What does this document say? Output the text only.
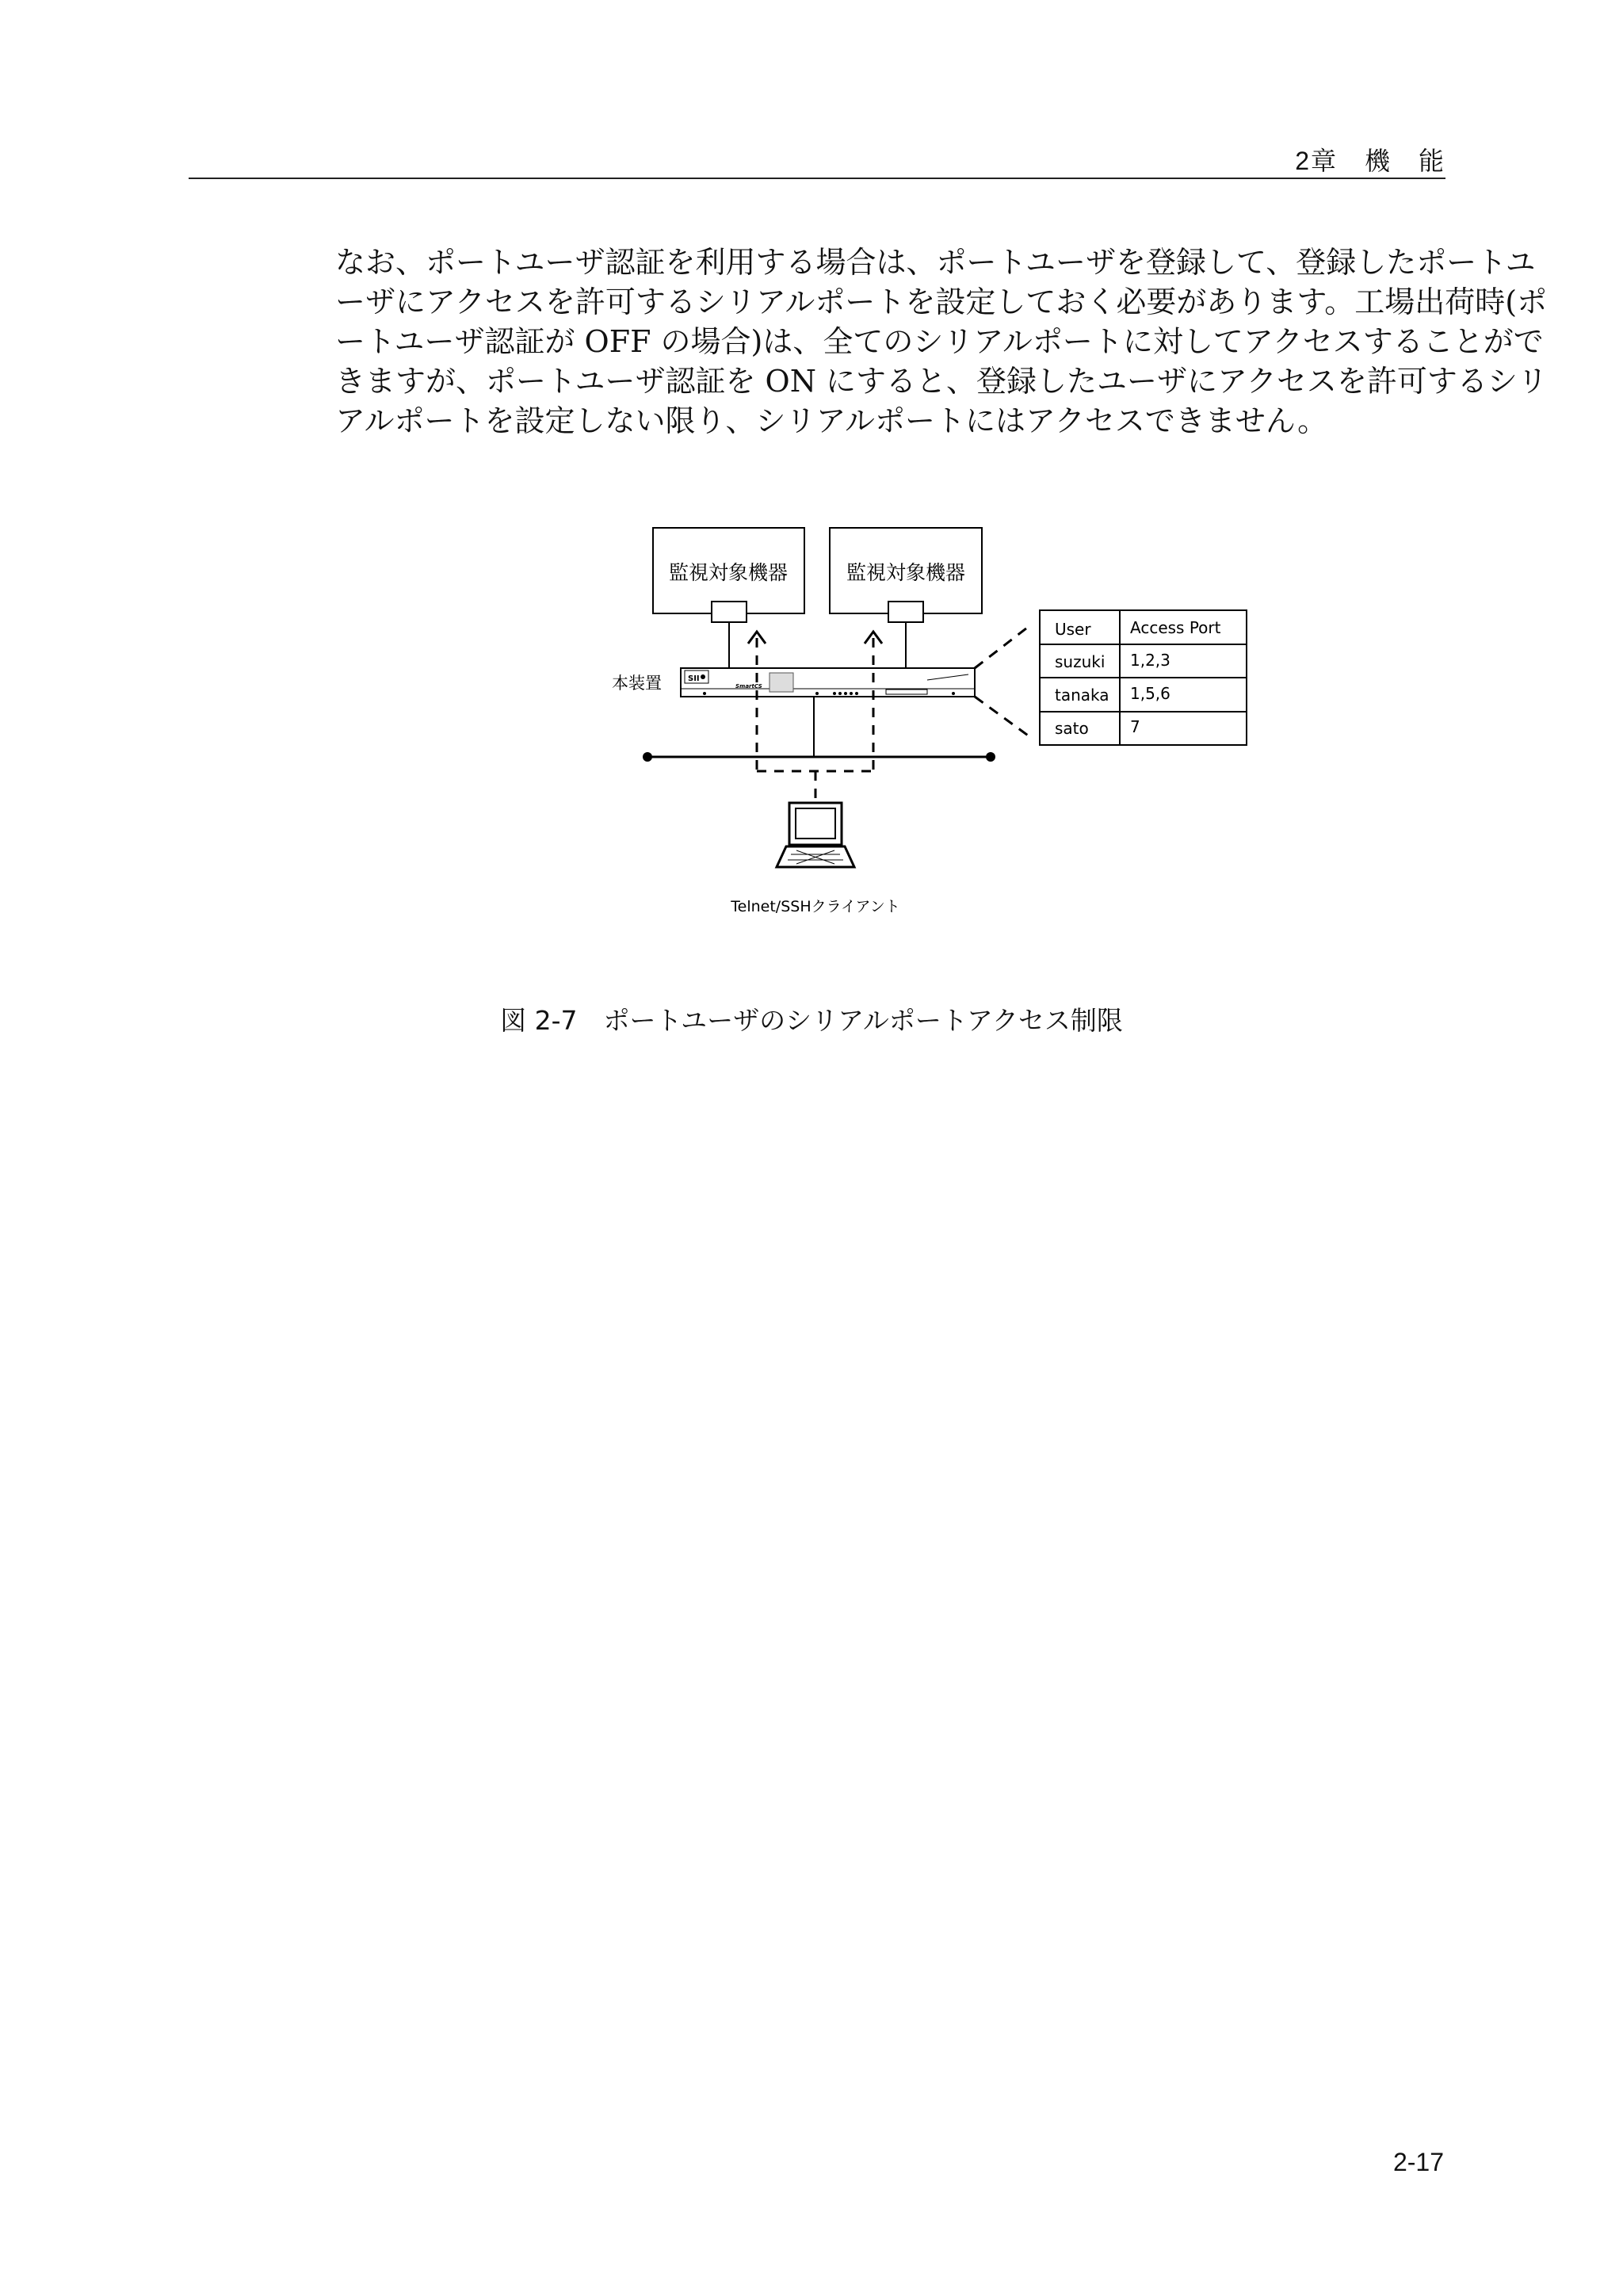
2章　機　能
なお、ポートユーザ認証を利用する場合は、ポートユーザを登録して、登録したポートユ
ーザにアクセスを許可するシリアルポートを設定しておく必要があります。工場出荷時(ポ
ートユーザ認証が OFF の場合)は、全てのシリアルポートに対してアクセスすることがで
きますが、ポートユーザ認証を ON にすると、登録したユーザにアクセスを許可するシリ
アルポートを設定しない限り、シリアルポートにはアクセスできません。
監視対象機器	監視対象機器
本装置	SII
SmartCS
Telnet/SSHクライアント
User Access Port
suzuki 1,2,3
tanaka 1,5,6
sato	7
図 2-7　ポートユーザのシリアルポートアクセス制限
2-17
